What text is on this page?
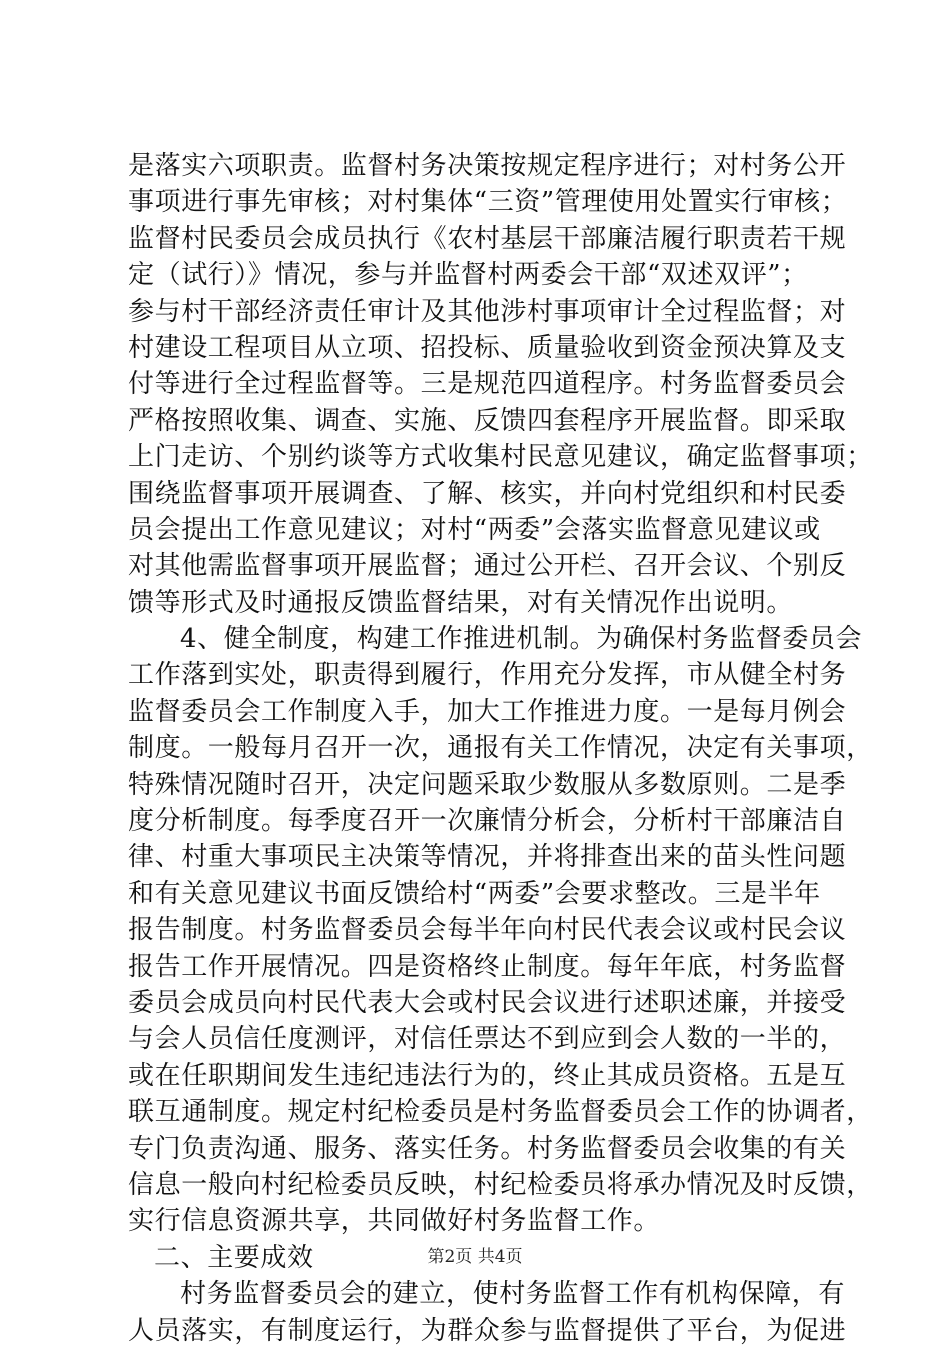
是落实六项职责。监督村务决策按规定程序进行；对村务公开
事项进行事先审核；对村集体“三资”管理使用处置实行审核；
监督村民委员会成员执行《农村基层干部廉洁履行职责若干规
定（试行）》情况，参与并监督村两委会干部“双述双评”；
参与村干部经济责任审计及其他涉村事项审计全过程监督；对
村建设工程项目从立项、招投标、质量验收到资金预决算及支
付等进行全过程监督等。三是规范四道程序。村务监督委员会
严格按照收集、调查、实施、反馈四套程序开展监督。即采取
上门走访、个别约谈等方式收集村民意见建议，确定监督事项；
围绕监督事项开展调查、了解、核实，并向村党组织和村民委
员会提出工作意见建议；对村“两委”会落实监督意见建议或
对其他需监督事项开展监督；通过公开栏、召开会议、个别反
馈等形式及时通报反馈监督结果，对有关情况作出说明。
4、健全制度，构建工作推进机制。为确保村务监督委员会
工作落到实处，职责得到履行，作用充分发挥，市从健全村务
监督委员会工作制度入手，加大工作推进力度。一是每月例会
制度。一般每月召开一次，通报有关工作情况，决定有关事项，
特殊情况随时召开，决定问题采取少数服从多数原则。二是季
度分析制度。每季度召开一次廉情分析会，分析村干部廉洁自
律、村重大事项民主决策等情况，并将排查出来的苗头性问题
和有关意见建议书面反馈给村“两委”会要求整改。三是半年
报告制度。村务监督委员会每半年向村民代表会议或村民会议
报告工作开展情况。四是资格终止制度。每年年底，村务监督
委员会成员向村民代表大会或村民会议进行述职述廉，并接受
与会人员信任度测评，对信任票达不到应到会人数的一半的，
或在任职期间发生违纪违法行为的，终止其成员资格。五是互
联互通制度。规定村纪检委员是村务监督委员会工作的协调者，
专门负责沟通、服务、落实任务。村务监督委员会收集的有关
信息一般向村纪检委员反映，村纪检委员将承办情况及时反馈，
实行信息资源共享，共同做好村务监督工作。
二、主要成效
村务监督委员会的建立，使村务监督工作有机构保障，有
人员落实，有制度运行，为群众参与监督提供了平台，为促进
第2页 共4页
